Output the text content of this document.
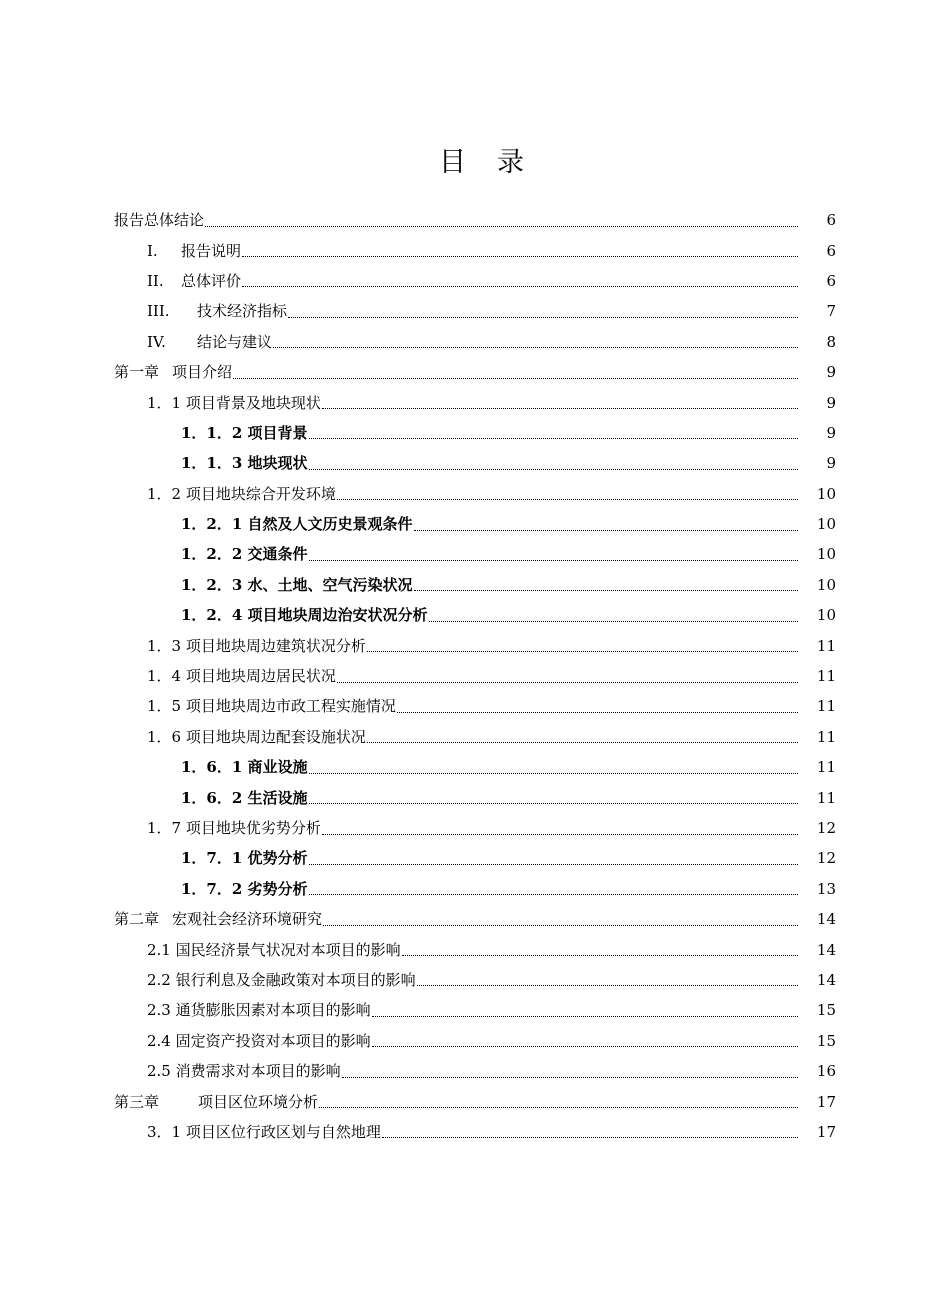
目　录
报告总体结论	6
I.	报告说明	6
II.	总体评价	6
III.	技术经济指标	7
IV.	结论与建议	8
第一章 项目介绍	9
1．1 项目背景及地块现状	9
1．1．2 项目背景	9
1．1．3 地块现状	9
1．2 项目地块综合开发环境	10
1．2．1 自然及人文历史景观条件	10
1．2．2 交通条件	10
1．2．3 水、土地、空气污染状况	10
1．2．4 项目地块周边治安状况分析	10
1．3 项目地块周边建筑状况分析	11
1．4 项目地块周边居民状况	11
1．5 项目地块周边市政工程实施情况	11
1．6 项目地块周边配套设施状况	11
1．6．1 商业设施	11
1．6．2 生活设施	11
1．7 项目地块优劣势分析	12
1．7．1 优势分析	12
1．7．2 劣势分析	13
第二章 宏观社会经济环境研究	14
2.1 国民经济景气状况对本项目的影响	14
2.2 银行利息及金融政策对本项目的影响	14
2.3 通货膨胀因素对本项目的影响	15
2.4 固定资产投资对本项目的影响	15
2.5 消费需求对本项目的影响	16
第三章	项目区位环境分析	17
3．1 项目区位行政区划与自然地理	17
